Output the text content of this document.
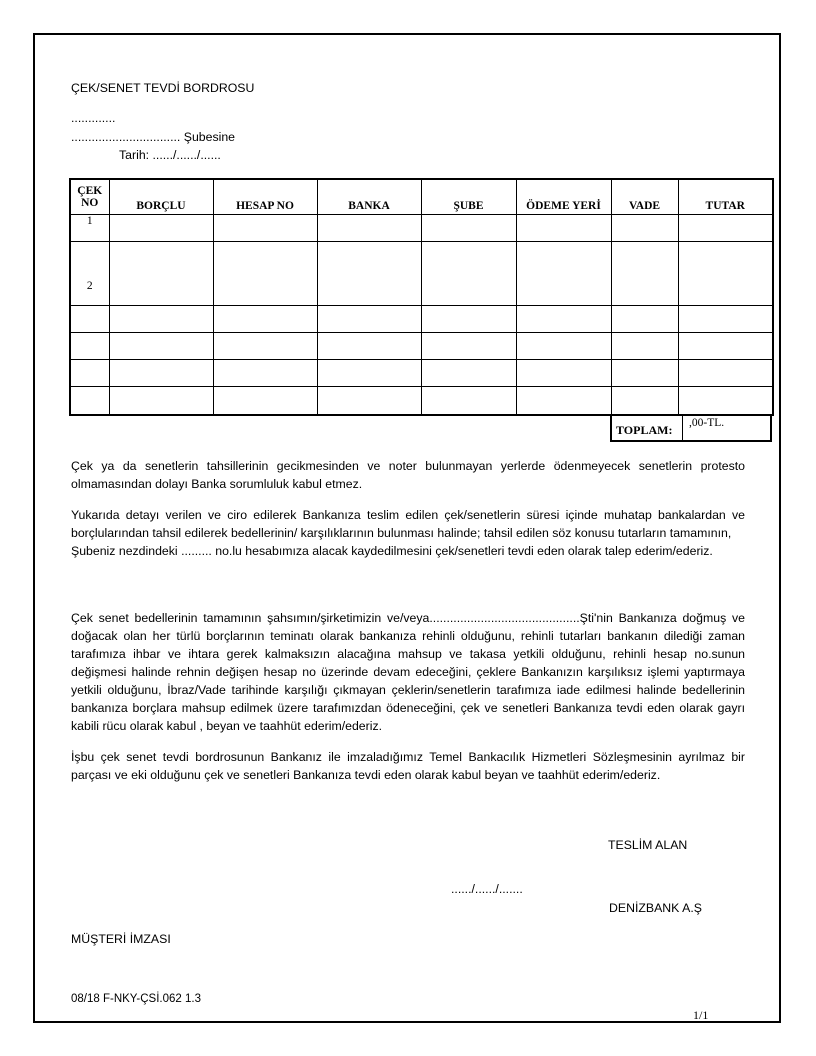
ÇEK/SENET TEVDİ BORDROSU
.............
................................ Şubesine
Tarih: ....../....../......
ÇEK
NO	BORÇLU	HESAP NO	BANKA	ŞUBE	ÖDEME YERİ	VADE	TUTAR
1							
2							

TOPLAM:	,00-TL.

Çek ya da senetlerin tahsillerinin gecikmesinden ve noter bulunmayan yerlerde ödenmeyecek senetlerin protesto olmamasından dolayı Banka sorumluluk kabul etmez.

Yukarıda detayı verilen ve ciro edilerek Bankanıza teslim edilen çek/senetlerin süresi içinde muhatap bankalardan ve borçlularından tahsil edilerek bedellerinin/ karşılıklarının bulunması halinde; tahsil edilen söz konusu tutarların tamamının,

Şubeniz nezdindeki ......... no.lu hesabımıza alacak kaydedilmesini çek/senetleri tevdi eden olarak talep ederim/ederiz.

Çek senet bedellerinin tamamının şahsımın/şirketimizin ve/veya............................................Şti'nin Bankanıza doğmuş ve doğacak olan her türlü borçlarının teminatı olarak bankanıza rehinli olduğunu, rehinli tutarları bankanın dilediği zaman tarafımıza ihbar ve ihtara gerek kalmaksızın alacağına mahsup ve takasa yetkili olduğunu, rehinli hesap no.sunun değişmesi halinde rehnin değişen hesap no üzerinde devam edeceğini, çeklere Bankanızın karşılıksız işlemi yaptırmaya yetkili olduğunu, İbraz/Vade tarihinde karşılığı çıkmayan çeklerin/senetlerin tarafımıza iade edilmesi halinde bedellerinin bankanıza borçlara mahsup edilmek üzere tarafımızdan ödeneceğini, çek ve senetleri Bankanıza tevdi eden olarak gayrı kabili rücu olarak kabul , beyan ve taahhüt ederim/ederiz.

İşbu çek senet tevdi bordrosunun Bankanız ile imzaladığımız Temel Bankacılık Hizmetleri Sözleşmesinin ayrılmaz bir parçası ve eki olduğunu çek ve senetleri Bankanıza tevdi eden olarak kabul beyan ve taahhüt ederim/ederiz.

TESLİM ALAN
....../....../.......
DENİZBANK A.Ş
MÜŞTERİ İMZASI
08/18 F-NKY-ÇSİ.062 1.3
1/1
